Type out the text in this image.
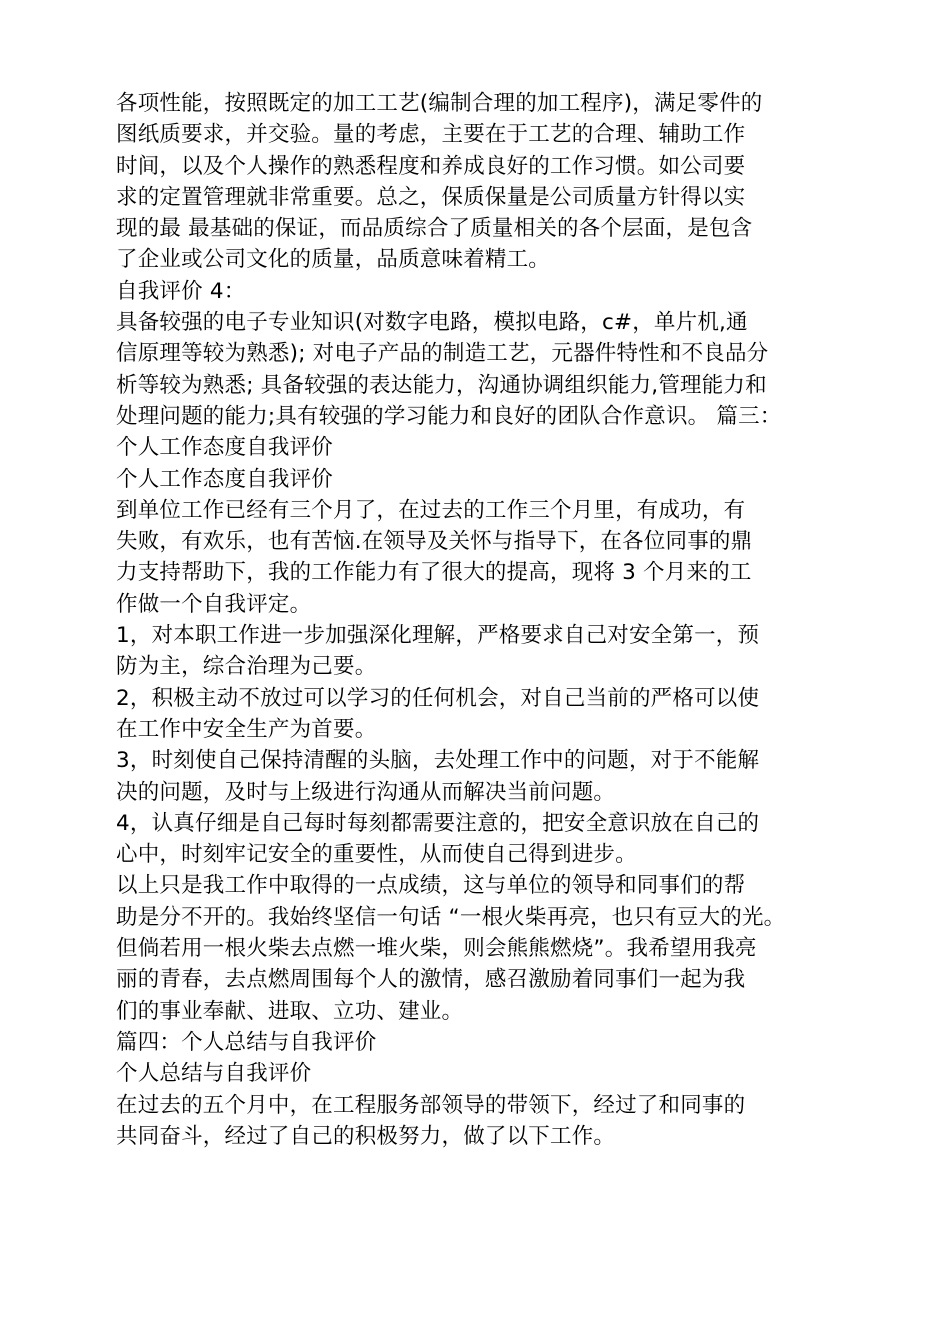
各项性能，按照既定的加工工艺(编制合理的加工程序)，满足零件的
图纸质要求，并交验。量的考虑，主要在于工艺的合理、辅助工作
时间，以及个人操作的熟悉程度和养成良好的工作习惯。如公司要
求的定置管理就非常重要。总之，保质保量是公司质量方针得以实
现的最 最基础的保证，而品质综合了质量相关的各个层面，是包含
了企业或公司文化的质量，品质意味着精工。
自我评价 4：
具备较强的电子专业知识(对数字电路，模拟电路，c#，单片机,通
信原理等较为熟悉); 对电子产品的制造工艺，元器件特性和不良品分
析等较为熟悉; 具备较强的表达能力，沟通协调组织能力,管理能力和
处理问题的能力;具有较强的学习能力和良好的团队合作意识。 篇三：
个人工作态度自我评价
个人工作态度自我评价
到单位工作已经有三个月了，在过去的工作三个月里，有成功，有
失败，有欢乐，也有苦恼.在领导及关怀与指导下，在各位同事的鼎
力支持帮助下，我的工作能力有了很大的提高，现将 3 个月来的工
作做一个自我评定。
1，对本职工作进一步加强深化理解，严格要求自己对安全第一，预
防为主，综合治理为己要。
2，积极主动不放过可以学习的任何机会，对自己当前的严格可以使
在工作中安全生产为首要。
3，时刻使自己保持清醒的头脑，去处理工作中的问题，对于不能解
决的问题，及时与上级进行沟通从而解决当前问题。
4，认真仔细是自己每时每刻都需要注意的，把安全意识放在自己的
心中，时刻牢记安全的重要性，从而使自己得到进步。
以上只是我工作中取得的一点成绩，这与单位的领导和同事们的帮
助是分不开的。我始终坚信一句话 “一根火柴再亮，也只有豆大的光。
但倘若用一根火柴去点燃一堆火柴，则会熊熊燃烧”。我希望用我亮
丽的青春，去点燃周围每个人的激情，感召激励着同事们一起为我
们的事业奉献、进取、立功、建业。
篇四：个人总结与自我评价
个人总结与自我评价
在过去的五个月中，在工程服务部领导的带领下，经过了和同事的
共同奋斗，经过了自己的积极努力，做了以下工作。
